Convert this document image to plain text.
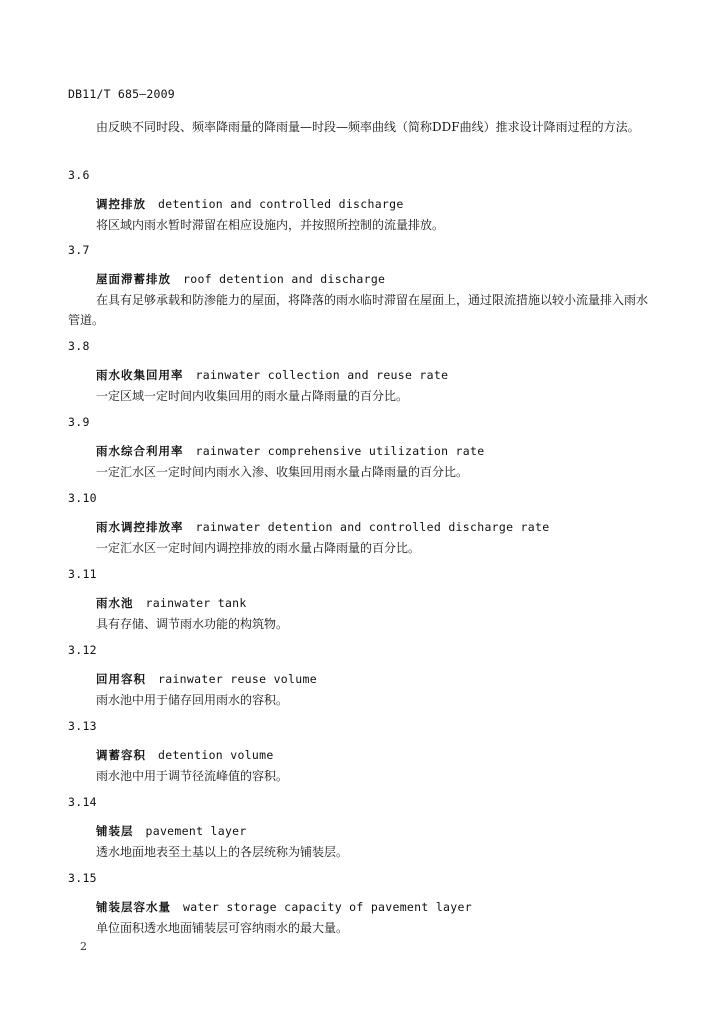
DB11/T 685—2009
由反映不同时段、频率降雨量的降雨量—时段—频率曲线（简称DDF曲线）推求设计降雨过程的方法。
3.6
调控排放 detention and controlled discharge
将区域内雨水暂时滞留在相应设施内，并按照所控制的流量排放。
3.7
屋面滞蓄排放 roof detention and discharge
在具有足够承载和防渗能力的屋面，将降落的雨水临时滞留在屋面上，通过限流措施以较小流量排入雨水管道。
3.8
雨水收集回用率 rainwater collection and reuse rate
一定区域一定时间内收集回用的雨水量占降雨量的百分比。
3.9
雨水综合利用率 rainwater comprehensive utilization rate
一定汇水区一定时间内雨水入渗、收集回用雨水量占降雨量的百分比。
3.10
雨水调控排放率 rainwater detention and controlled discharge rate
一定汇水区一定时间内调控排放的雨水量占降雨量的百分比。
3.11
雨水池 rainwater tank
具有存储、调节雨水功能的构筑物。
3.12
回用容积 rainwater reuse volume
雨水池中用于储存回用雨水的容积。
3.13
调蓄容积 detention volume
雨水池中用于调节径流峰值的容积。
3.14
铺装层 pavement layer
透水地面地表至土基以上的各层统称为铺装层。
3.15
铺装层容水量 water storage capacity of pavement layer
单位面积透水地面铺装层可容纳雨水的最大量。
2
